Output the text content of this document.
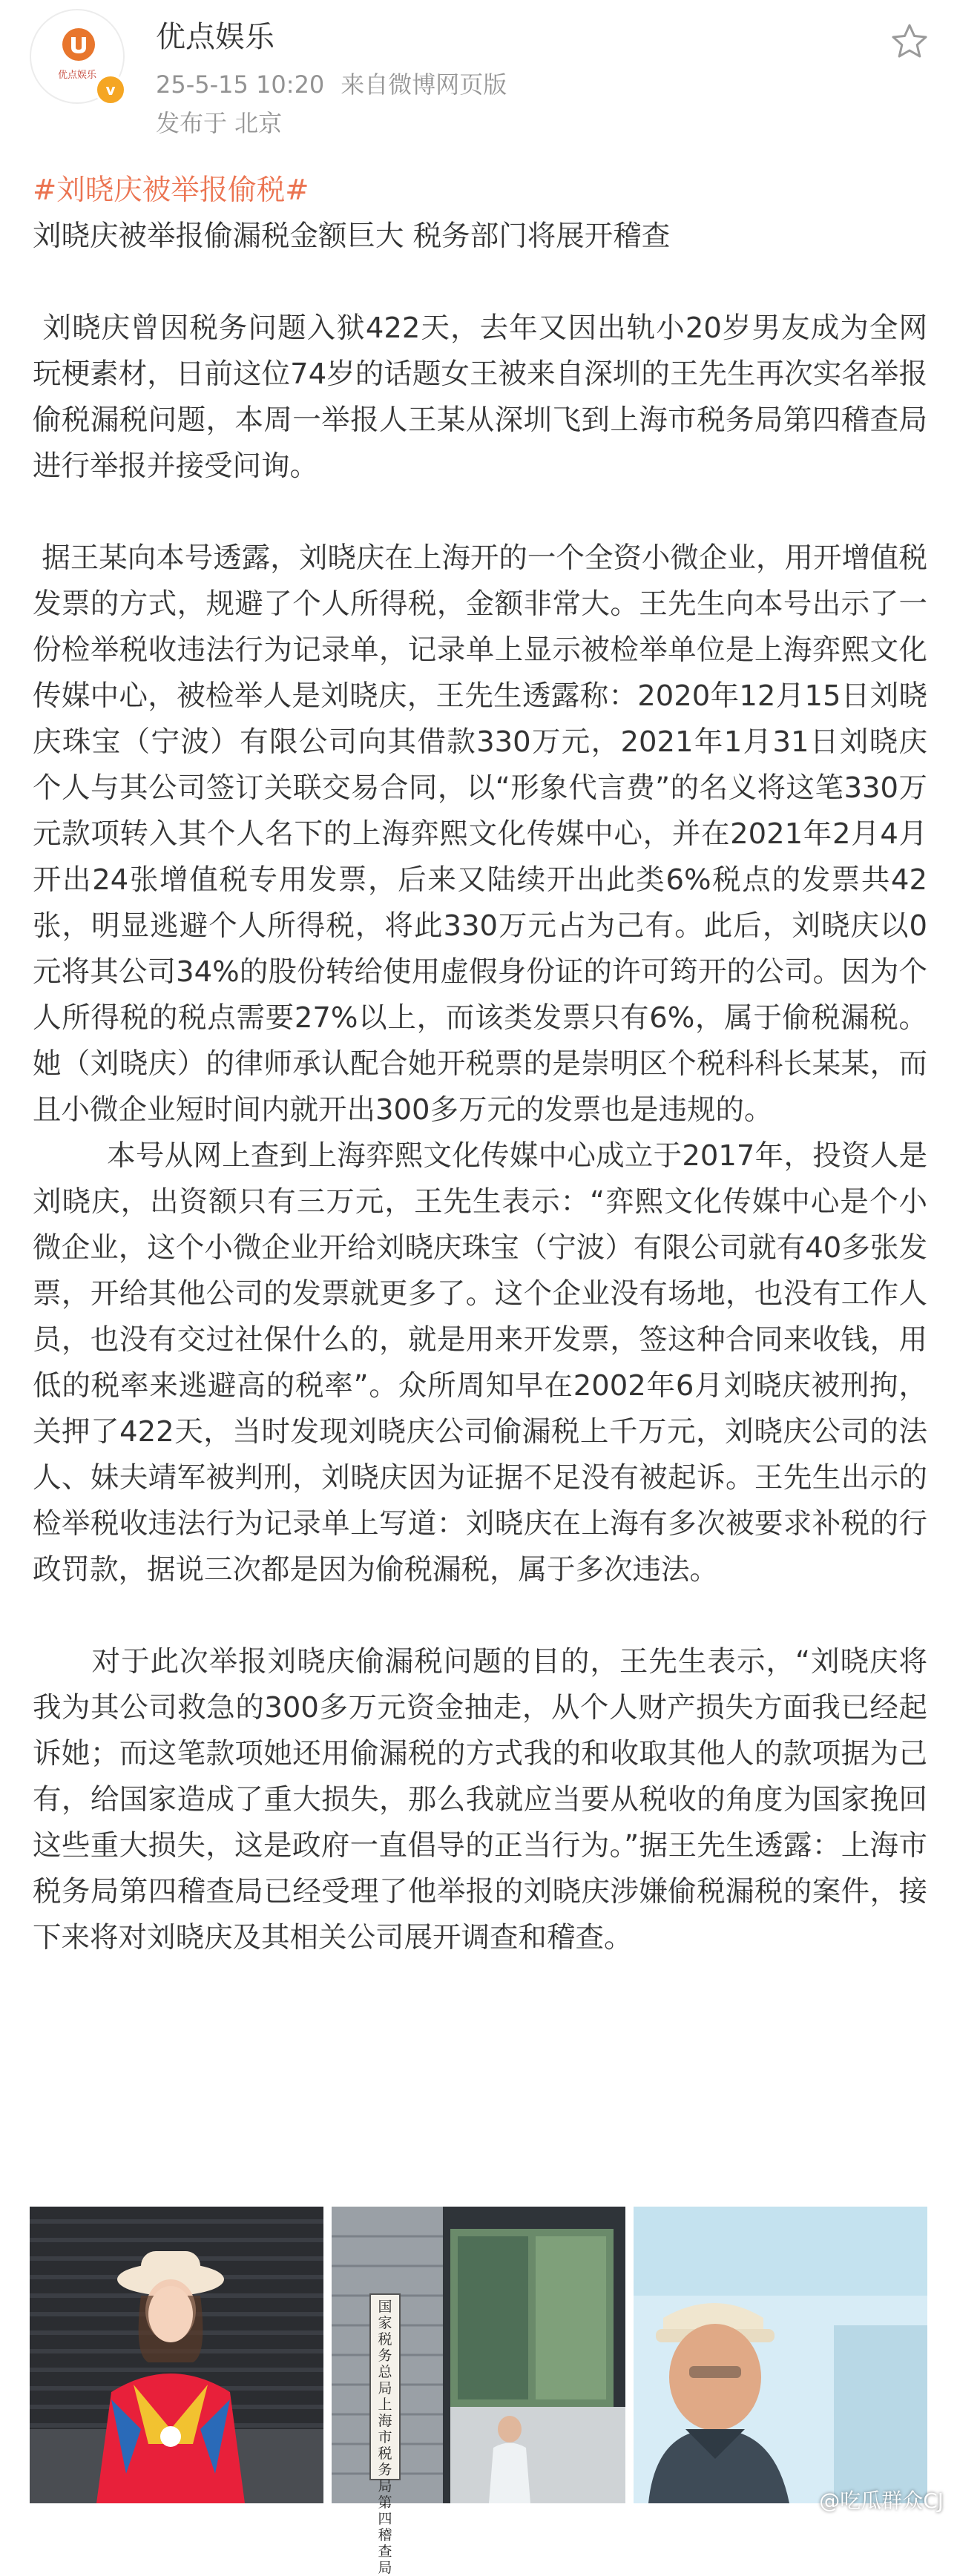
优点娱乐
v
优点娱乐
25-5-15 10:20 来自微博网页版
发布于 北京

#刘晓庆被举报偷税#

刘晓庆被举报偷漏税金额巨大 税务部门将展开稽查

刘晓庆曾因税务问题入狱422天，去年又因出轨小20岁男友成为全网玩梗素材，日前这位74岁的话题女王被来自深圳的王先生再次实名举报偷税漏税问题，本周一举报人王某从深圳飞到上海市税务局第四稽查局进行举报并接受问询。

据王某向本号透露，刘晓庆在上海开的一个全资小微企业，用开增值税发票的方式，规避了个人所得税，金额非常大。王先生向本号出示了一份检举税收违法行为记录单，记录单上显示被检举单位是上海弈熙文化传媒中心，被检举人是刘晓庆，王先生透露称：2020年12月15日刘晓庆珠宝（宁波）有限公司向其借款330万元，2021年1月31日刘晓庆个人与其公司签订关联交易合同，以“形象代言费”的名义将这笔330万元款项转入其个人名下的上海弈熙文化传媒中心，并在2021年2月4月开出24张增值税专用发票，后来又陆续开出此类6%税点的发票共42张，明显逃避个人所得税，将此330万元占为己有。此后，刘晓庆以0元将其公司34%的股份转给使用虚假身份证的许可筠开的公司。因为个人所得税的税点需要27%以上，而该类发票只有6%，属于偷税漏税。她（刘晓庆）的律师承认配合她开税票的是崇明区个税科科长某某，而且小微企业短时间内就开出300多万元的发票也是违规的。

本号从网上查到上海弈熙文化传媒中心成立于2017年，投资人是刘晓庆，出资额只有三万元，王先生表示：“弈熙文化传媒中心是个小微企业，这个小微企业开给刘晓庆珠宝（宁波）有限公司就有40多张发票，开给其他公司的发票就更多了。这个企业没有场地，也没有工作人员，也没有交过社保什么的，就是用来开发票，签这种合同来收钱，用低的税率来逃避高的税率”。众所周知早在2002年6月刘晓庆被刑拘，关押了422天，当时发现刘晓庆公司偷漏税上千万元，刘晓庆公司的法人、妹夫靖军被判刑，刘晓庆因为证据不足没有被起诉。王先生出示的检举税收违法行为记录单上写道：刘晓庆在上海有多次被要求补税的行政罚款，据说三次都是因为偷税漏税，属于多次违法。

对于此次举报刘晓庆偷漏税问题的目的，王先生表示，“刘晓庆将我为其公司救急的300多万元资金抽走，从个人财产损失方面我已经起诉她；而这笔款项她还用偷漏税的方式我的和收取其他人的款项据为己有，给国家造成了重大损失，那么我就应当要从税收的角度为国家挽回这些重大损失，这是政府一直倡导的正当行为。”据王先生透露：上海市税务局第四稽查局已经受理了他举报的刘晓庆涉嫌偷税漏税的案件，接下来将对刘晓庆及其相关公司展开调查和稽查。

国家税务总局上海市税务局第四稽查局
@吃瓜群众CJ
